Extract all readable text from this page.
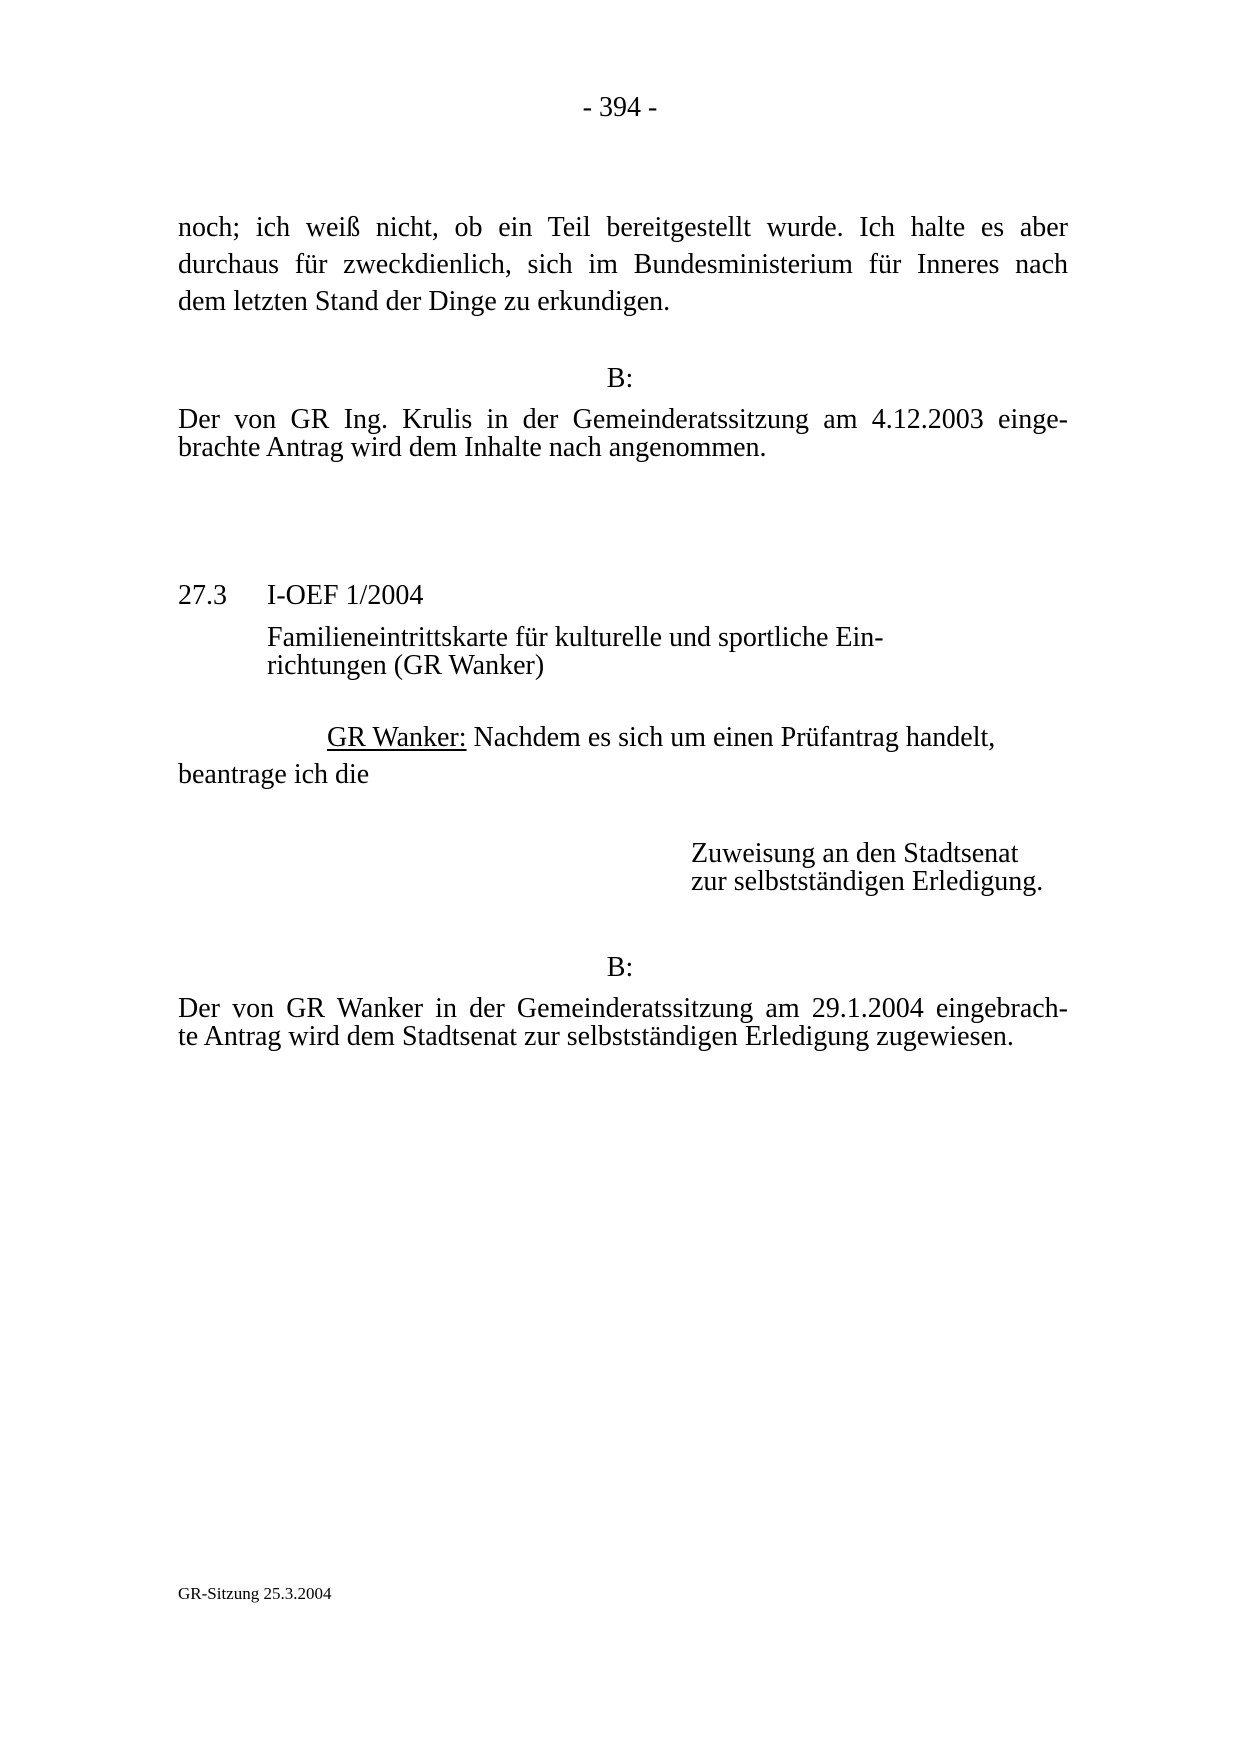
- 394 -
noch; ich weiß nicht, ob ein Teil bereitgestellt wurde. Ich halte es aber
durchaus für zweckdienlich, sich im Bundesministerium für Inneres nach
dem letzten Stand der Dinge zu erkundigen.
B:
Der von GR Ing. Krulis in der Gemeinderatssitzung am 4.12.2003 einge-
brachte Antrag wird dem Inhalte nach angenommen.
27.3 I-OEF 1/2004
Familieneintrittskarte für kulturelle und sportliche Ein-
richtungen (GR Wanker)
GR Wanker: Nachdem es sich um einen Prüfantrag handelt,
beantrage ich die
Zuweisung an den Stadtsenat
zur selbstständigen Erledigung.
B:
Der von GR Wanker in der Gemeinderatssitzung am 29.1.2004 eingebrach-
te Antrag wird dem Stadtsenat zur selbstständigen Erledigung zugewiesen.
GR-Sitzung 25.3.2004
